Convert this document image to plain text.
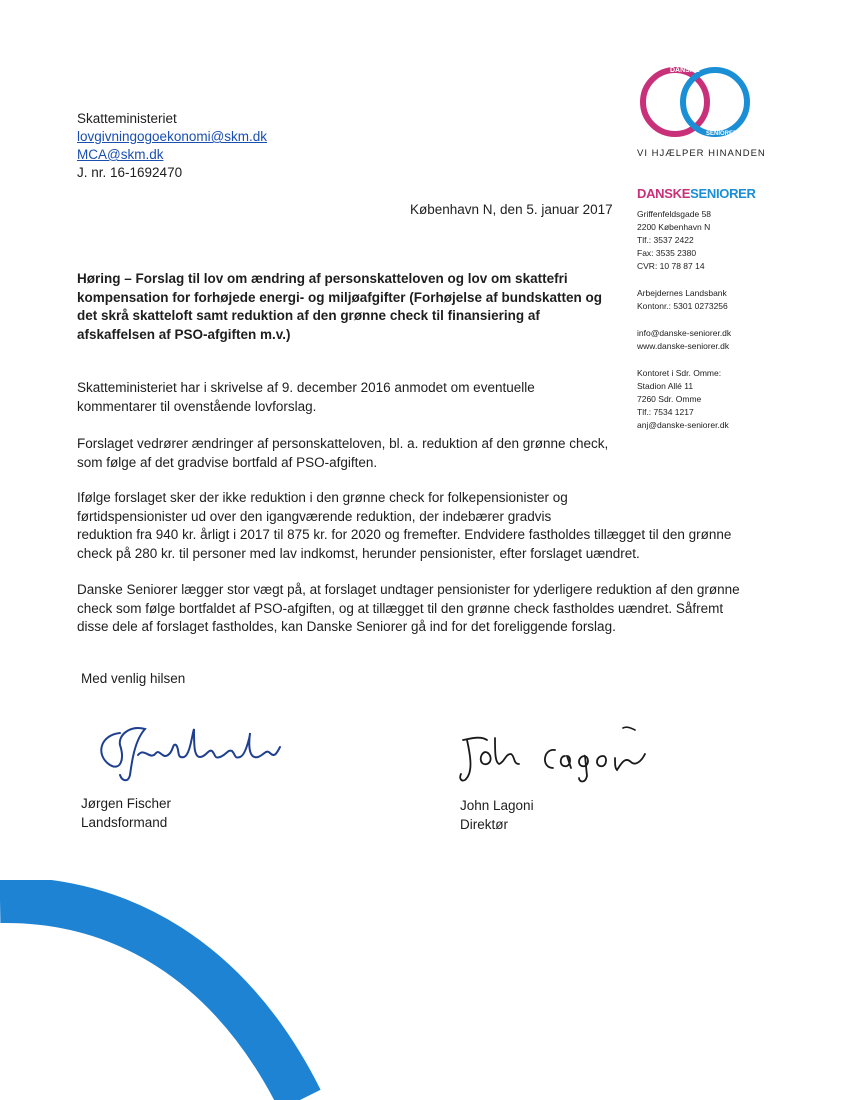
Skatteministeriet
lovgivningogoekonomi@skm.dk
MCA@skm.dk
J. nr. 16-1692470
København N, den 5. januar 2017
Høring – Forslag til lov om ændring af personskatteloven og lov om skattefri kompensation for forhøjede energi- og miljøafgifter (Forhøjelse af bundskatten og det skrå skatteloft samt reduktion af den grønne check til finansiering af afskaffelsen af PSO-afgiften m.v.)
Skatteministeriet har i skrivelse af 9. december 2016 anmodet om eventuelle
kommentarer til ovenstående lovforslag.
Forslaget vedrører ændringer af personskatteloven, bl. a. reduktion af den grønne check,
som følge af det gradvise bortfald af PSO-afgiften.
Ifølge forslaget sker der ikke reduktion i den grønne check for folkepensionister og
førtidspensionister ud over den igangværende reduktion, der indebærer gradvis
reduktion fra 940 kr. årligt i 2017 til 875 kr. for 2020 og fremefter. Endvidere fastholdes tillægget til den grønne
check på 280 kr. til personer med lav indkomst, herunder pensionister, efter forslaget uændret.
Danske Seniorer lægger stor vægt på, at forslaget undtager pensionister for yderligere reduktion af den grønne
check som følge bortfaldet af PSO-afgiften, og at tillægget til den grønne check fastholdes uændret. Såfremt
disse dele af forslaget fastholdes, kan Danske Seniorer gå ind for det foreliggende forslag.
Med venlig hilsen
Jørgen Fischer
Landsformand
John Lagoni
Direktør
DANSKE
SENIORER
VI HJÆLPER HINANDEN
DANSKESENIORER
Griffenfeldsgade 58
2200 København N
Tlf.: 3537 2422
Fax: 3535 2380
CVR: 10 78 87 14
Arbejdernes Landsbank
Kontonr.: 5301 0273256
info@danske-seniorer.dk
www.danske-seniorer.dk
Kontoret i Sdr. Omme:
Stadion Allé 11
7260 Sdr. Omme
Tlf.: 7534 1217
anj@danske-seniorer.dk
